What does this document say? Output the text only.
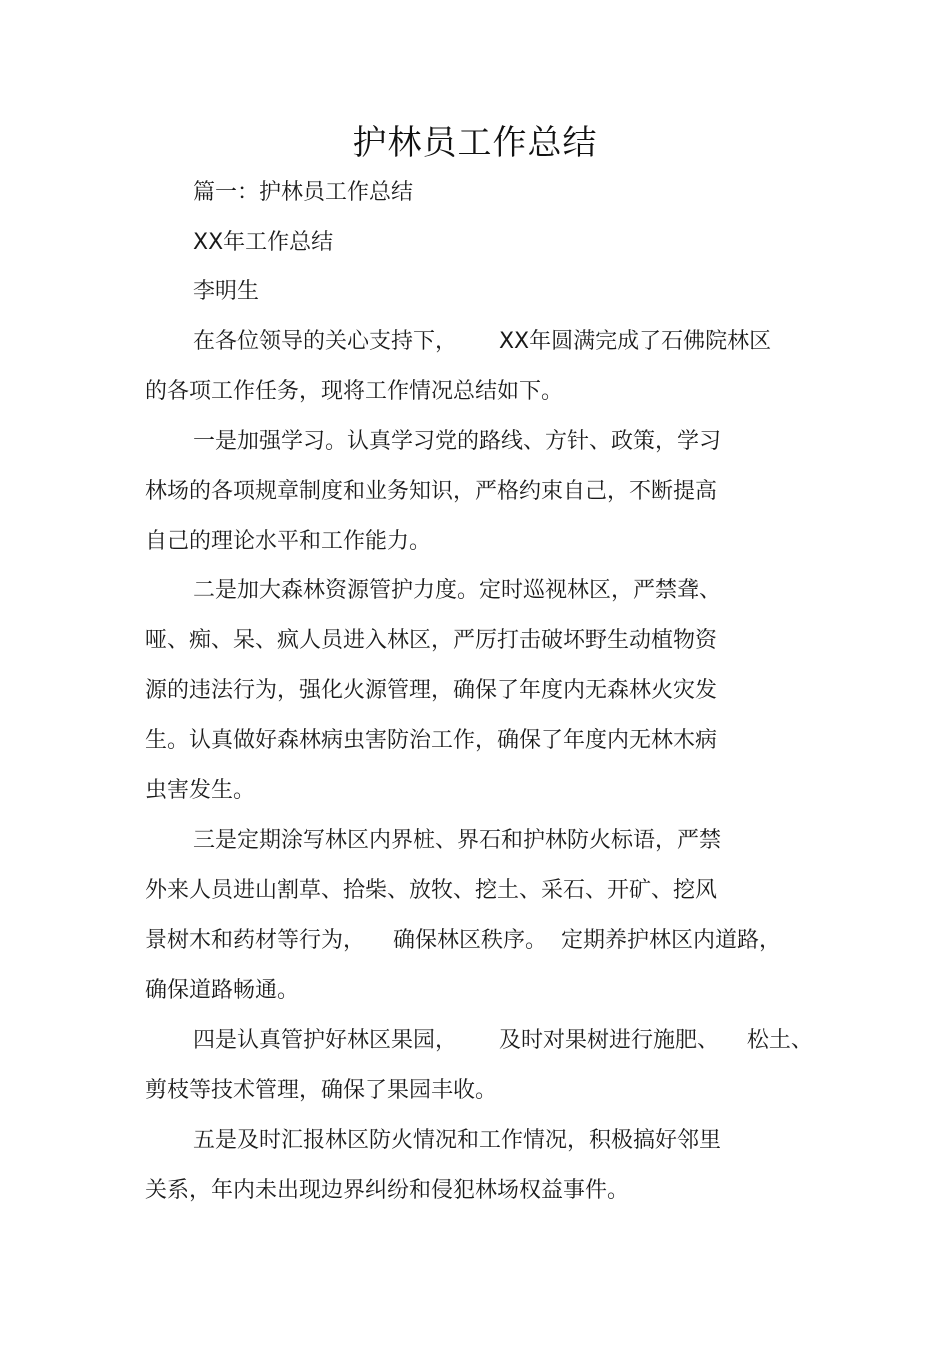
护林员工作总结
篇一：护林员工作总结
XX年工作总结
李明生
在各位领导的关心支持下，      XX年圆满完成了石佛院林区
的各项工作任务，现将工作情况总结如下。
一是加强学习。认真学习党的路线、方针、政策，学习
林场的各项规章制度和业务知识，严格约束自己，不断提高
自己的理论水平和工作能力。
二是加大森林资源管护力度。定时巡视林区，严禁聋、
哑、痴、呆、疯人员进入林区，严厉打击破坏野生动植物资
源的违法行为，强化火源管理，确保了年度内无森林火灾发
生。认真做好森林病虫害防治工作，确保了年度内无林木病
虫害发生。
三是定期涂写林区内界桩、界石和护林防火标语，严禁
外来人员进山割草、拾柴、放牧、挖土、采石、开矿、挖风
景树木和药材等行为，    确保林区秩序。  定期养护林区内道路，
确保道路畅通。
四是认真管护好林区果园，      及时对果树进行施肥、    松土、
剪枝等技术管理，确保了果园丰收。
五是及时汇报林区防火情况和工作情况，积极搞好邻里
关系，年内未出现边界纠纷和侵犯林场权益事件。
